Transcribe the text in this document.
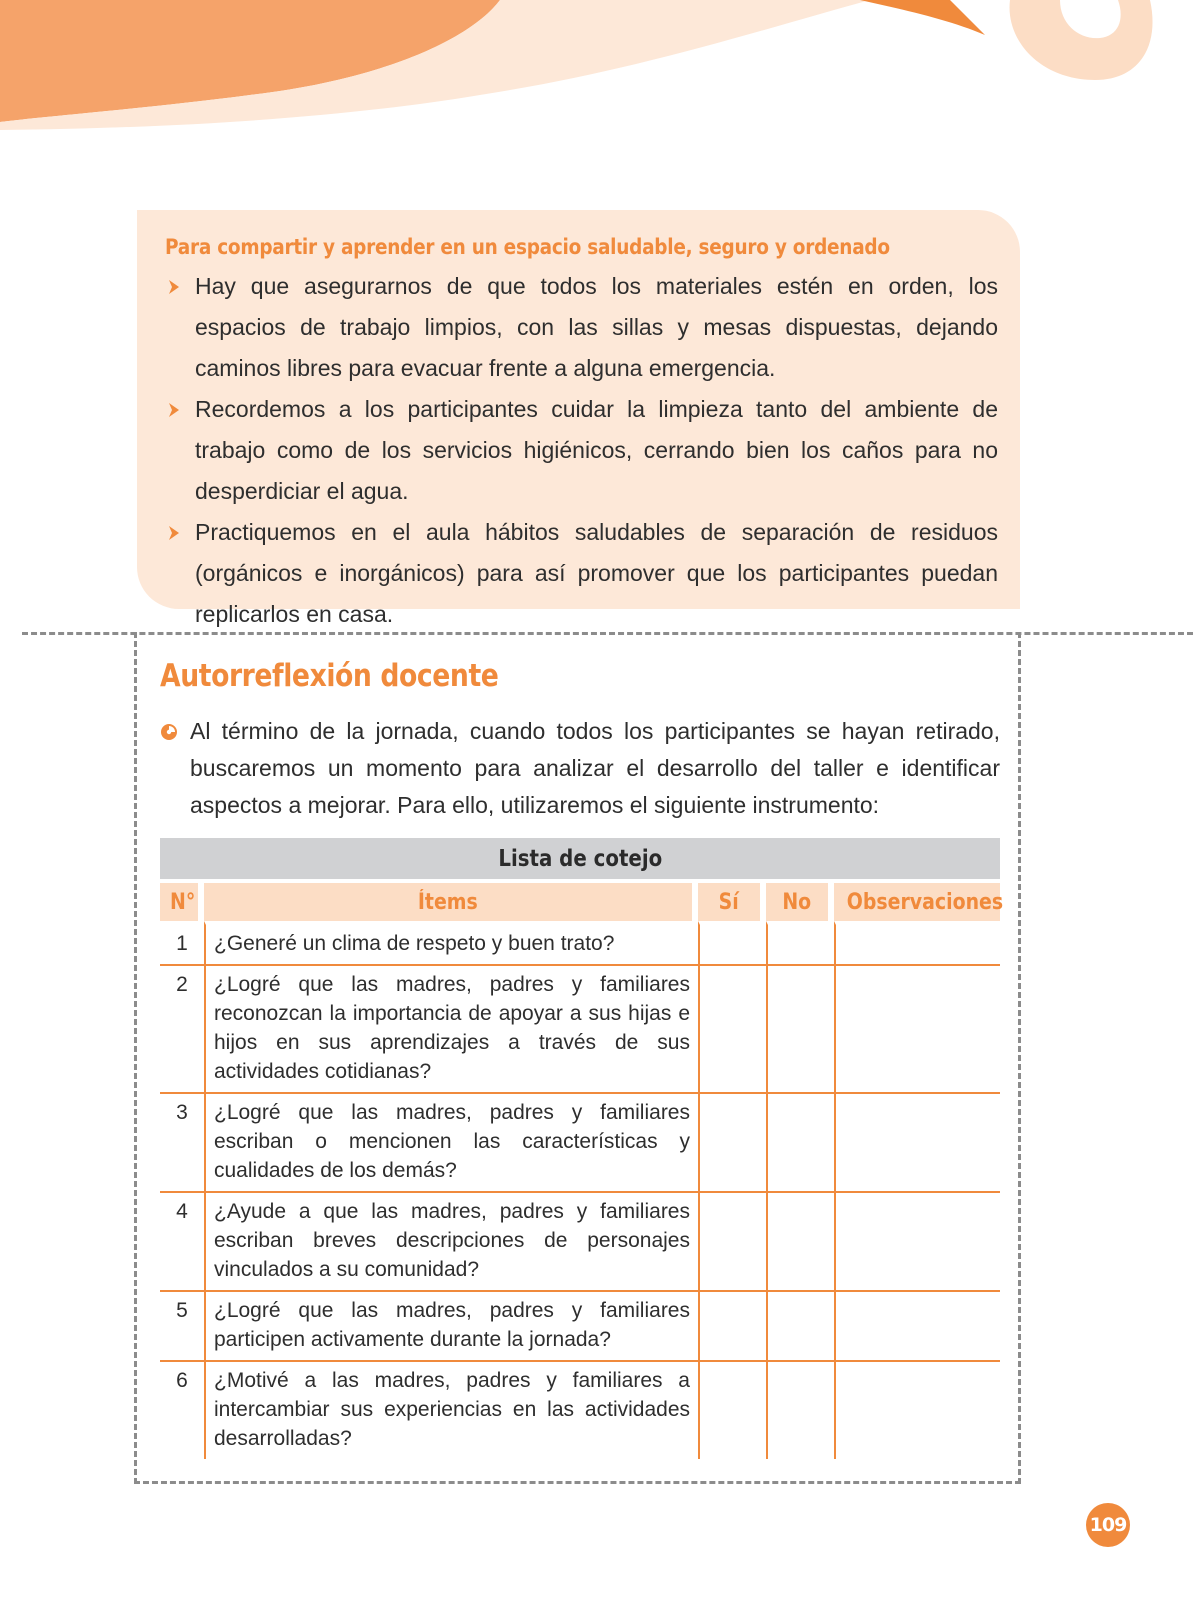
Para compartir y aprender en un espacio saludable, seguro y ordenado
Hay que asegurarnos de que todos los materiales estén en orden, los espacios de trabajo limpios, con las sillas y mesas dispuestas, dejando caminos libres para evacuar frente a alguna emergencia.
Recordemos a los participantes cuidar la limpieza tanto del ambiente de trabajo como de los servicios higiénicos, cerrando bien los caños para no desperdiciar el agua.
Practiquemos en el aula hábitos saludables de separación de residuos (orgánicos e inorgánicos) para así promover que los participantes puedan replicarlos en casa.
Autorreflexión docente
Al término de la jornada, cuando todos los participantes se hayan retirado, buscaremos un momento para analizar el desarrollo del taller e identificar aspectos a mejorar. Para ello, utilizaremos el siguiente instrumento:
Lista de cotejo				
N°	Ítems	Sí	No	Observaciones
1	¿Generé un clima de respeto y buen trato?			
2	¿Logré que las madres, padres y familiares reconozcan la importancia de apoyar a sus hijas e hijos en sus aprendizajes a través de sus actividades cotidianas?			
3	¿Logré que las madres, padres y familiares escriban o mencionen las características y cualidades de los demás?			
4	¿Ayude a que las madres, padres y familiares escriban breves descripciones de personajes vinculados a su comunidad?			
5	¿Logré que las madres, padres y familiares participen activamente durante la jornada?			
6	¿Motivé a las madres, padres y familiares a intercambiar sus experiencias en las actividades desarrolladas?			
109
